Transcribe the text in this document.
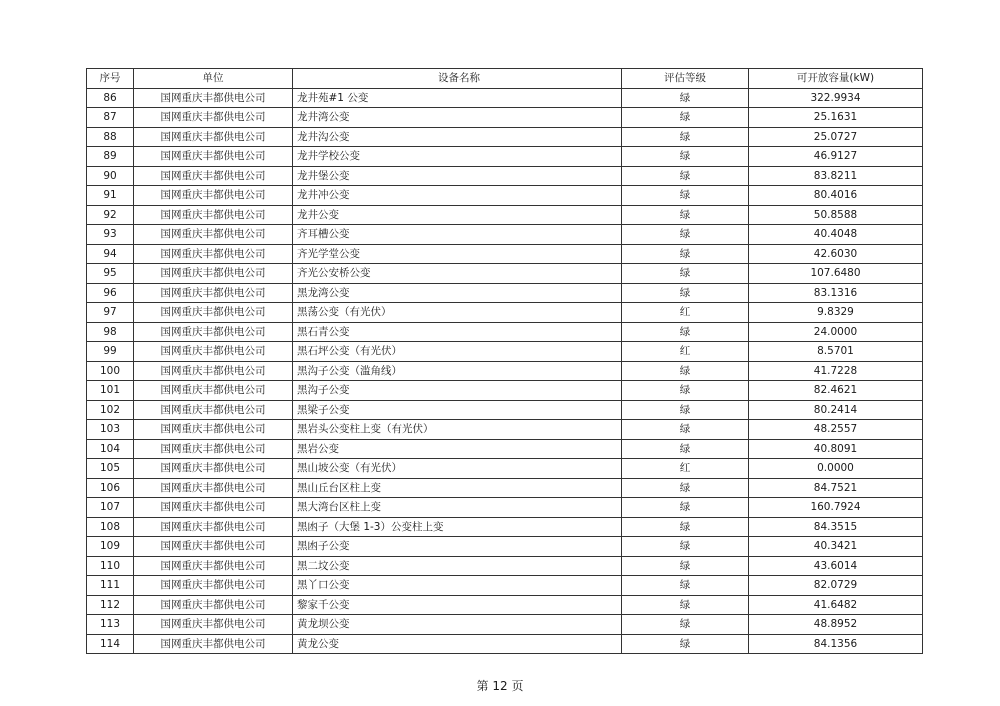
序号	单位	设备名称	评估等级	可开放容量(kW)
86	国网重庆丰都供电公司	龙井苑#1 公变	绿	322.9934
87	国网重庆丰都供电公司	龙井湾公变	绿	25.1631
88	国网重庆丰都供电公司	龙井沟公变	绿	25.0727
89	国网重庆丰都供电公司	龙井学校公变	绿	46.9127
90	国网重庆丰都供电公司	龙井堡公变	绿	83.8211
91	国网重庆丰都供电公司	龙井冲公变	绿	80.4016
92	国网重庆丰都供电公司	龙井公变	绿	50.8588
93	国网重庆丰都供电公司	齐耳槽公变	绿	40.4048
94	国网重庆丰都供电公司	齐光学堂公变	绿	42.6030
95	国网重庆丰都供电公司	齐光公安桥公变	绿	107.6480
96	国网重庆丰都供电公司	黑龙湾公变	绿	83.1316
97	国网重庆丰都供电公司	黑荡公变（有光伏）	红	9.8329
98	国网重庆丰都供电公司	黑石青公变	绿	24.0000
99	国网重庆丰都供电公司	黑石坪公变（有光伏）	红	8.5701
100	国网重庆丰都供电公司	黑沟子公变（滥角线）	绿	41.7228
101	国网重庆丰都供电公司	黑沟子公变	绿	82.4621
102	国网重庆丰都供电公司	黑梁子公变	绿	80.2414
103	国网重庆丰都供电公司	黑岩头公变柱上变（有光伏）	绿	48.2557
104	国网重庆丰都供电公司	黑岩公变	绿	40.8091
105	国网重庆丰都供电公司	黑山坡公变（有光伏）	红	0.0000
106	国网重庆丰都供电公司	黑山丘台区柱上变	绿	84.7521
107	国网重庆丰都供电公司	黑大湾台区柱上变	绿	160.7924
108	国网重庆丰都供电公司	黑凼子（大堡 1-3）公变柱上变	绿	84.3515
109	国网重庆丰都供电公司	黑凼子公变	绿	40.3421
110	国网重庆丰都供电公司	黑二坟公变	绿	43.6014
111	国网重庆丰都供电公司	黑丫口公变	绿	82.0729
112	国网重庆丰都供电公司	黎家千公变	绿	41.6482
113	国网重庆丰都供电公司	黄龙坝公变	绿	48.8952
114	国网重庆丰都供电公司	黄龙公变	绿	84.1356
第 12 页
